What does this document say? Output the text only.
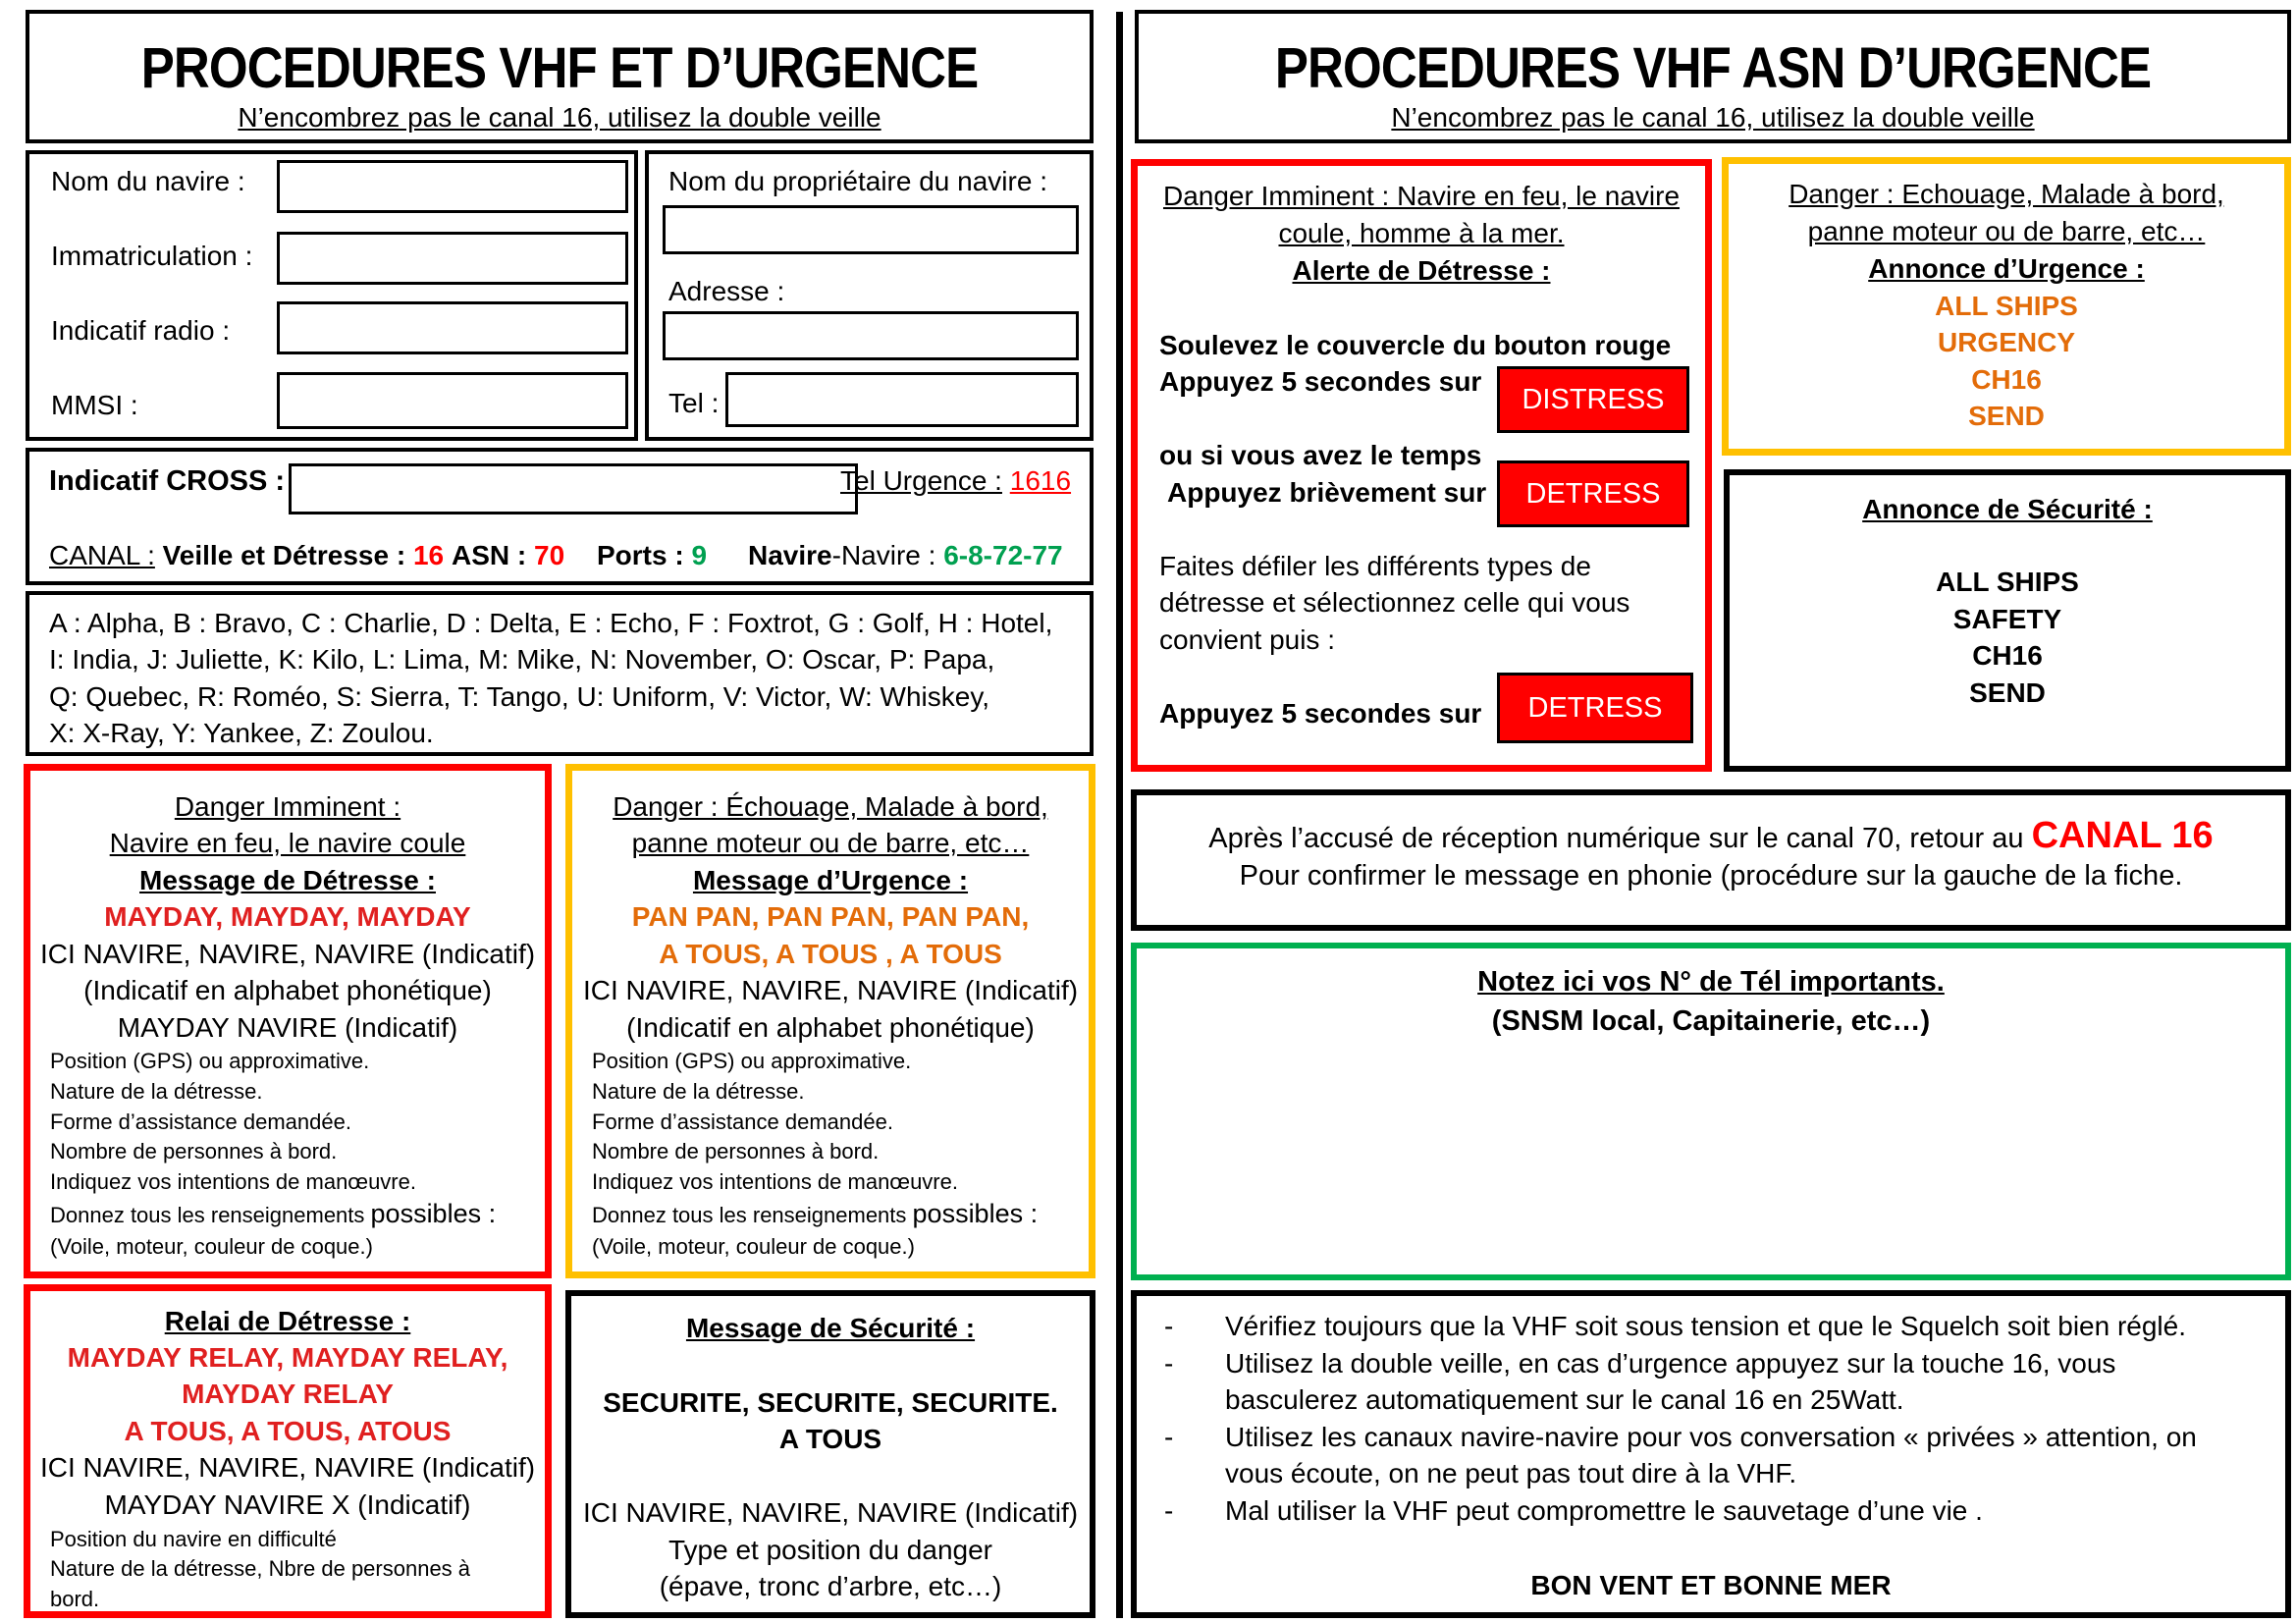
PROCEDURES VHF ET D’URGENCE
N’encombrez pas le canal 16, utilisez la double veille
Nom du navire :
Immatriculation :
Indicatif radio :
MMSI :
Nom du propriétaire du navire :
Adresse :
Tel :
Indicatif CROSS :	Tel Urgence : 1616
CANAL : Veille et Détresse : 16 ASN : 70 Ports : 9 Navire-Navire : 6-8-72-77
A : Alpha, B : Bravo, C : Charlie, D : Delta, E : Echo, F : Foxtrot, G : Golf, H : Hotel,
I: India, J: Juliette, K: Kilo, L: Lima, M: Mike, N: November, O: Oscar, P: Papa,
Q: Quebec, R: Roméo, S: Sierra, T: Tango, U: Uniform, V: Victor, W: Whiskey,
X: X-Ray, Y: Yankee, Z: Zoulou.
Danger Imminent :
Navire en feu, le navire coule
Message de Détresse :
MAYDAY, MAYDAY, MAYDAY
ICI NAVIRE, NAVIRE, NAVIRE (Indicatif)
(Indicatif en alphabet phonétique)
MAYDAY NAVIRE (Indicatif)
Position (GPS) ou approximative.
Nature de la détresse.
Forme d’assistance demandée.
Nombre de personnes à bord.
Indiquez vos intentions de manœuvre.
Donnez tous les renseignements possibles :
(Voile, moteur, couleur de coque.)
Danger : Échouage, Malade à bord,
panne moteur ou de barre, etc…
Message d’Urgence :
PAN PAN, PAN PAN, PAN PAN,
A TOUS, A TOUS , A TOUS
ICI NAVIRE, NAVIRE, NAVIRE (Indicatif)
(Indicatif en alphabet phonétique)
Position (GPS) ou approximative.
Nature de la détresse.
Forme d’assistance demandée.
Nombre de personnes à bord.
Indiquez vos intentions de manœuvre.
Donnez tous les renseignements possibles :
(Voile, moteur, couleur de coque.)
Relai de Détresse :
MAYDAY RELAY, MAYDAY RELAY,
MAYDAY RELAY
A TOUS, A TOUS, ATOUS
ICI NAVIRE, NAVIRE, NAVIRE (Indicatif)
MAYDAY NAVIRE X (Indicatif)
Position du navire en difficulté
Nature de la détresse, Nbre de personnes à
bord.
Message de Sécurité :
SECURITE, SECURITE, SECURITE.
A TOUS
ICI NAVIRE, NAVIRE, NAVIRE (Indicatif)
Type et position du danger
(épave, tronc d’arbre, etc…)
PROCEDURES VHF ASN D’URGENCE
N’encombrez pas le canal 16, utilisez la double veille
Danger Imminent : Navire en feu, le navire
coule, homme à la mer.
Alerte de Détresse :
Soulevez le couvercle du bouton rouge
Appuyez 5 secondes sur
DISTRESS
ou si vous avez le temps
Appuyez brièvement sur	DETRESS
Faites défiler les différents types de
détresse et sélectionnez celle qui vous
convient puis :
Appuyez 5 secondes sur	DETRESS
Danger : Echouage, Malade à bord,
panne moteur ou de barre, etc…
Annonce d’Urgence :
ALL SHIPS
URGENCY
CH16
SEND
Annonce de Sécurité :
ALL SHIPS
SAFETY
CH16
SEND
Après l’accusé de réception numérique sur le canal 70, retour au CANAL 16
Pour confirmer le message en phonie (procédure sur la gauche de la fiche.
Notez ici vos N° de Tél importants.
(SNSM local, Capitainerie, etc…)
- Vérifiez toujours que la VHF soit sous tension et que le Squelch soit bien réglé.
- Utilisez la double veille, en cas d’urgence appuyez sur la touche 16, vous basculerez automatiquement sur le canal 16 en 25Watt.
- Utilisez les canaux navire-navire pour vos conversation « privées » attention, on vous écoute, on ne peut pas tout dire à la VHF.
- Mal utiliser la VHF peut compromettre le sauvetage d’une vie .
BON VENT ET BONNE MER
